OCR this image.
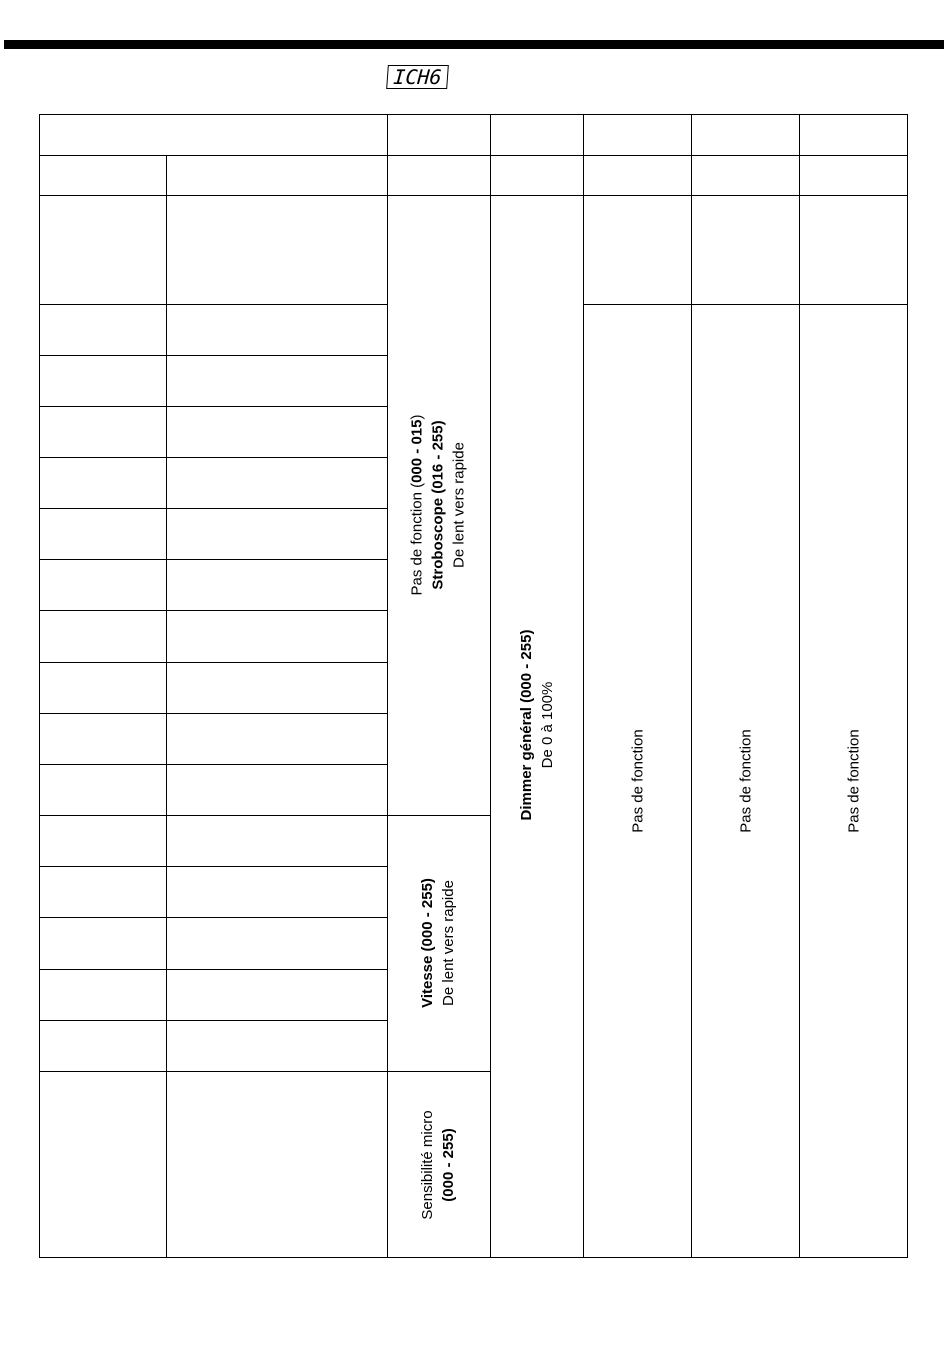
ICH6
Pas de fonction (000 - 015)
Stroboscope (016 - 255) De lent vers rapide
Vitesse (000 - 255) De lent vers rapide
Sensibilité micro (000 - 255)
Dimmer général (000 - 255) De 0 à 100%
Pas de fonction	Pas de fonction	Pas de fonction
